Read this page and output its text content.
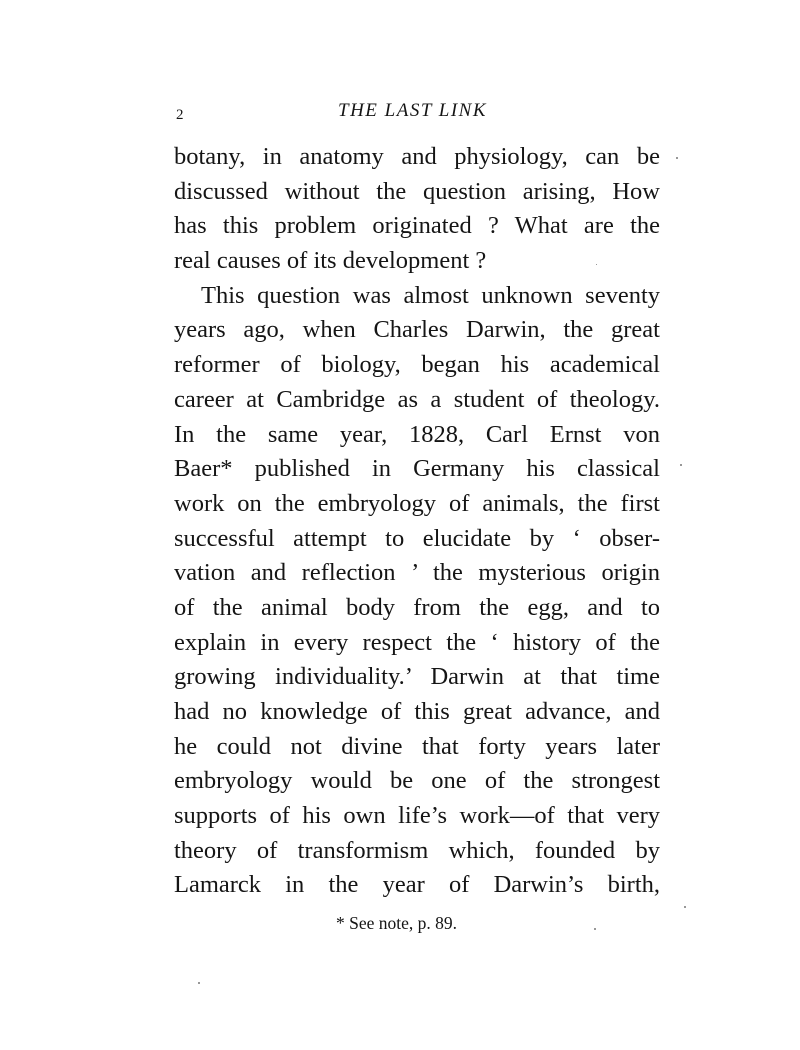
2	THE LAST LINK
botany, in anatomy and physiology, can be
discussed without the question arising, How
has this problem originated ? What are the
real causes of its development ?
This question was almost unknown seventy
years ago, when Charles Darwin, the great
reformer of biology, began his academical
career at Cambridge as a student of theology.
In the same year, 1828, Carl Ernst von
Baer* published in Germany his classical
work on the embryology of animals, the first
successful attempt to elucidate by ‘ obser-
vation and reflection ’ the mysterious origin
of the animal body from the egg, and to
explain in every respect the ‘ history of the
growing individuality.’ Darwin at that time
had no knowledge of this great advance, and
he could not divine that forty years later
embryology would be one of the strongest
supports of his own life’s work—of that very
theory of transformism which, founded by
Lamarck in the year of Darwin’s birth,
* See note, p. 89.
